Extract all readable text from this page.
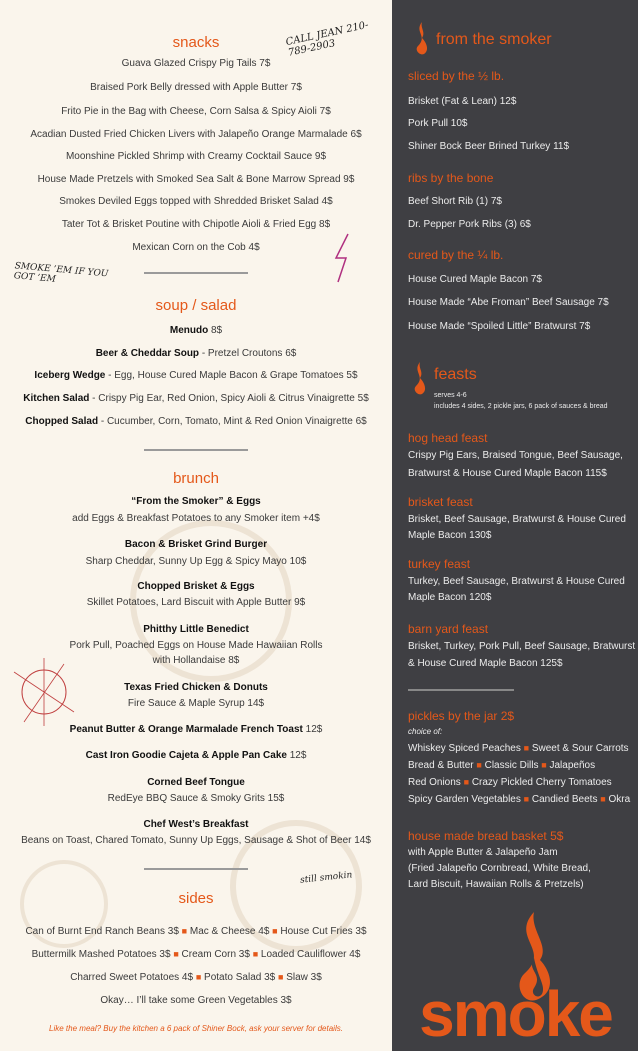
snacks
Guava Glazed Crispy Pig Tails 7$
Braised Pork Belly dressed with Apple Butter 7$
Frito Pie in the Bag with Cheese, Corn Salsa & Spicy Aioli 7$
Acadian Dusted Fried Chicken Livers with Jalapeño Orange Marmalade 6$
Moonshine Pickled Shrimp with Creamy Cocktail Sauce 9$
House Made Pretzels with Smoked Sea Salt & Bone Marrow Spread 9$
Smokes Deviled Eggs topped with Shredded Brisket Salad 4$
Tater Tot & Brisket Poutine with Chipotle Aioli & Fried Egg 8$
Mexican Corn on the Cob 4$
soup / salad
Menudo 8$
Beer & Cheddar Soup - Pretzel Croutons 6$
Iceberg Wedge - Egg, House Cured Maple Bacon & Grape Tomatoes 5$
Kitchen Salad - Crispy Pig Ear, Red Onion, Spicy Aioli & Citrus Vinaigrette 5$
Chopped Salad - Cucumber, Corn, Tomato, Mint & Red Onion Vinaigrette 6$
brunch
“From the Smoker” & Eggs
add Eggs & Breakfast Potatoes to any Smoker item +4$
Bacon & Brisket Grind Burger
Sharp Cheddar, Sunny Up Egg & Spicy Mayo 10$
Chopped Brisket & Eggs
Skillet Potatoes, Lard Biscuit with Apple Butter 9$
Phitthy Little Benedict
Pork Pull, Poached Eggs on House Made Hawaiian Rolls
with Hollandaise 8$
Texas Fried Chicken & Donuts
Fire Sauce & Maple Syrup 14$
Peanut Butter & Orange Marmalade French Toast 12$
Cast Iron Goodie Cajeta & Apple Pan Cake 12$
Corned Beef Tongue
RedEye BBQ Sauce & Smoky Grits 15$
Chef West’s Breakfast
Beans on Toast, Chared Tomato, Sunny Up Eggs, Sausage & Shot of Beer 14$
sides
Can of Burnt End Ranch Beans 3$ ■ Mac & Cheese 4$ ■ House Cut Fries 3$
Buttermilk Mashed Potatoes 3$ ■ Cream Corn 3$ ■ Loaded Cauliflower 4$
Charred Sweet Potatoes 4$ ■ Potato Salad 3$ ■ Slaw 3$
Okay… I’ll take some Green Vegetables 3$
Like the meal? Buy the kitchen a 6 pack of Shiner Bock, ask your server for details.
CALL JEAN 210-789-2903
SMOKE ’EM IF YOU GOT ’EM
still smokin
from the smoker
sliced by the ½ lb.
Brisket (Fat & Lean) 12$
Pork Pull 10$
Shiner Bock Beer Brined Turkey 11$
ribs by the bone
Beef Short Rib (1) 7$
Dr. Pepper Pork Ribs (3) 6$
cured by the ¼ lb.
House Cured Maple Bacon 7$
House Made “Abe Froman” Beef Sausage 7$
House Made “Spoiled Little” Bratwurst 7$
feasts
serves 4-6
includes 4 sides, 2 pickle jars, 6 pack of sauces & bread
hog head feast
Crispy Pig Ears, Braised Tongue, Beef Sausage,
Bratwurst & House Cured Maple Bacon 115$
brisket feast
Brisket, Beef Sausage, Bratwurst & House Cured
Maple Bacon 130$
turkey feast
Turkey, Beef Sausage, Bratwurst & House Cured
Maple Bacon 120$
barn yard feast
Brisket, Turkey, Pork Pull, Beef Sausage, Bratwurst
& House Cured Maple Bacon 125$
pickles by the jar 2$
choice of:
Whiskey Spiced Peaches ■ Sweet & Sour Carrots
Bread & Butter ■ Classic Dills ■ Jalapeños
Red Onions ■ Crazy Pickled Cherry Tomatoes
Spicy Garden Vegetables ■ Candied Beets ■ Okra
house made bread basket 5$
with Apple Butter & Jalapeño Jam
(Fried Jalapeño Cornbread, White Bread,
Lard Biscuit, Hawaiian Rolls & Pretzels)
smoke
